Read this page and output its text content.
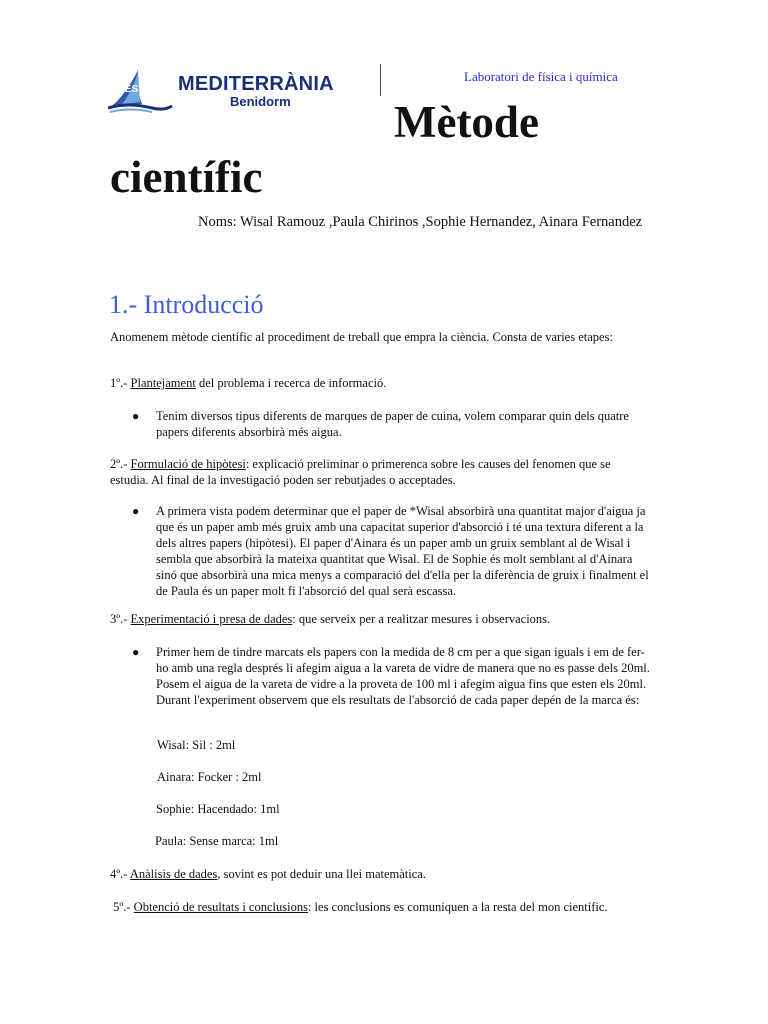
IES MEDITERRÀNIA
Benidorm
Laboratori de física i química
Mètode
científic
Noms: Wisal Ramouz ,Paula Chirinos ,Sophie Hernandez, Ainara Fernandez
1.- Introducció

Anomenem mètode científic al procediment de treball que empra la ciència. Consta de varies etapes:

1º.- Plantejament del problema i recerca de informació.

● Tenim diversos tipus diferents de marques de paper de cuina, volem comparar quin dels quatre papers diferents absorbirà més aigua.

2º.- Formulació de hipòtesi: explicació preliminar o primerenca sobre les causes del fenomen que se estudia. Al final de la investigació poden ser rebutjades o acceptades.

● A primera vista podem determinar que el paper de *Wisal absorbirà una quantitat major d'aigua ja que és un paper amb més gruix amb una capacitat superior d'absorció i té una textura diferent a la dels altres papers (hipòtesi). El paper d'Ainara és un paper amb un gruix semblant al de Wisal i sembla que absorbirà la mateixa quantitat que Wisal. El de Sophie és molt semblant al d'Ainara sinó que absorbirà una mica menys a comparació del d'ella per la diferència de gruix i finalment el de Paula és un paper molt fi l'absorció del qual serà escassa.

3º.- Experimentació i presa de dades: que serveix per a realitzar mesures i observacions.

● Primer hem de tindre marcats els papers con la medida de 8 cm per a que sigan iguals i em de fer-ho amb una regla després li afegim aigua a la vareta de vidre de manera que no es passe dels 20ml. Posem el aigua de la vareta de vidre a la proveta de 100 ml i afegim aigua fins que esten els 20ml. Durant l'experiment observem que els resultats de l'absorció de cada paper depén de la marca és:

Wisal: Sil : 2ml
Ainara: Focker : 2ml
Sophie: Hacendado: 1ml
Paula: Sense marca: 1ml

4º.- Anàlisis de dades, sovint es pot deduir una llei matemàtica.

5º.- Obtenció de resultats i conclusions: les conclusions es comuniquen a la resta del mon científic.
